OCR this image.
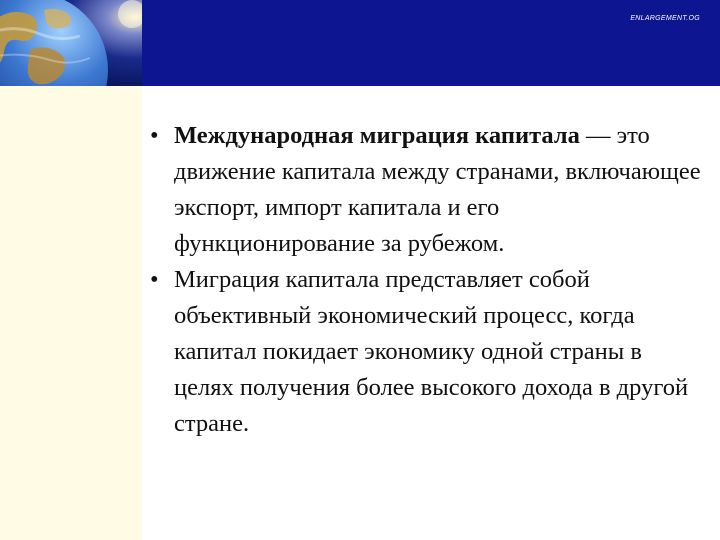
ENLARGEMENT.OG

• Международная миграция капитала — это движение капитала между странами, включающее экспорт, импорт капитала и его функционирование за рубежом.

• Миграция капитала представляет собой объективный экономический процесс, когда капитал покидает экономику одной страны в целях получения более высокого дохода в другой стране.
